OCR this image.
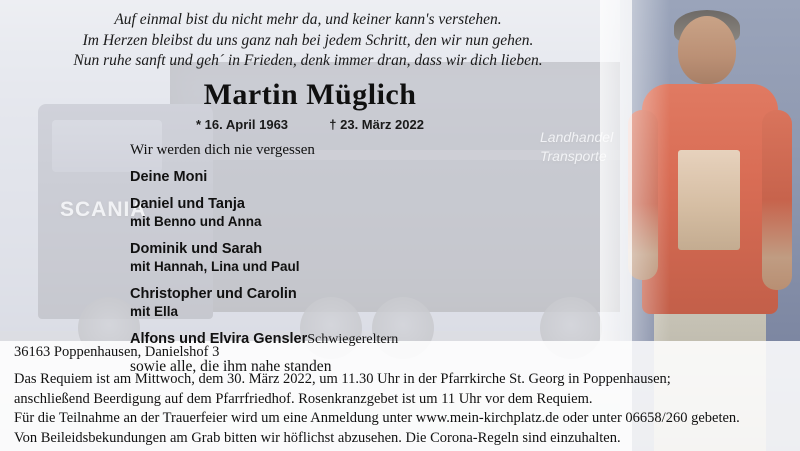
Auf einmal bist du nicht mehr da, und keiner kann's verstehen.
Im Herzen bleibst du uns ganz nah bei jedem Schritt, den wir nun gehen.
Nun ruhe sanft und geh´ in Frieden, denk immer dran, dass wir dich lieben.
Martin Müglich
* 16. April 1963	† 23. März 2022
Wir werden dich nie vergessen
Deine Moni
Daniel und Tanja
mit Benno und Anna
Dominik und Sarah
mit Hannah, Lina und Paul
Christopher und Carolin
mit Ella
Alfons und Elvira GenslerSchwiegereltern
sowie alle, die ihm nahe standen
36163 Poppenhausen, Danielshof 3
Das Requiem ist am Mittwoch, dem 30. März 2022, um 11.30 Uhr in der Pfarrkirche St. Georg in Poppenhausen;
anschließend Beerdigung auf dem Pfarrfriedhof. Rosenkranzgebet ist um 11 Uhr vor dem Requiem.
Für die Teilnahme an der Trauerfeier wird um eine Anmeldung unter www.mein-kirchplatz.de oder unter 06658/260 gebeten.
Von Beileidsbekundungen am Grab bitten wir höflichst abzusehen. Die Corona-Regeln sind einzuhalten.
